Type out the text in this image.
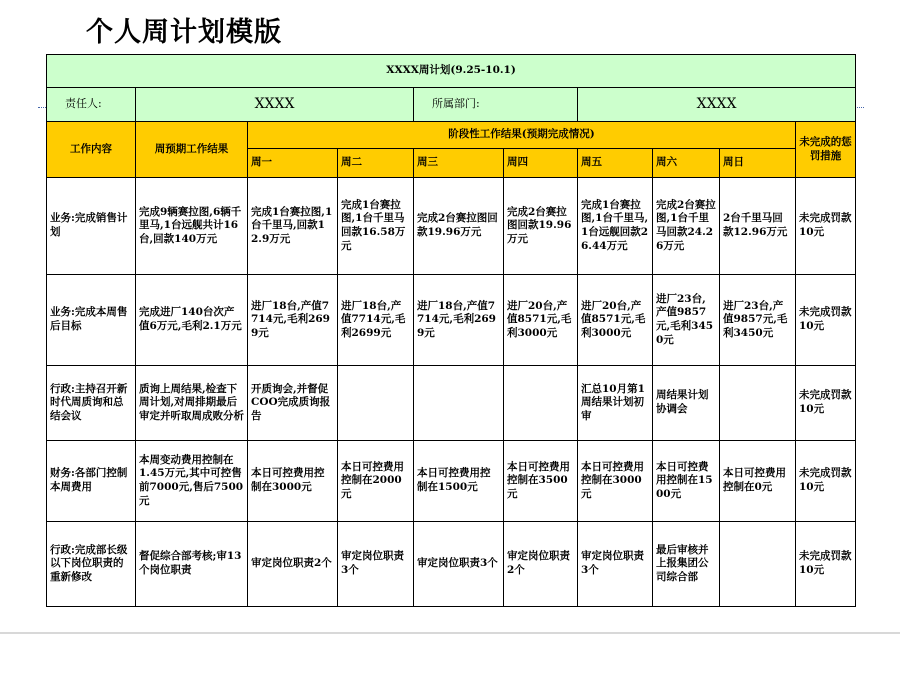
个人周计划模版
XXXX周计划(9.25-10.1)									
责任人:	XXXX			所属部门:		XXXX			
工作内容	周预期工作结果	阶段性工作结果(预期完成情况)							未完成的惩罚措施
		周一	周二	周三	周四	周五	周六	周日	
业务:完成销售计划	完成9辆赛拉图,6辆千里马,1台远舰共计16台,回款140万元	完成1台赛拉图,1台千里马,回款12.9万元	完成1台赛拉图,1台千里马回款16.58万元	完成2台赛拉图回款19.96万元	完成2台赛拉图回款19.96万元	完成1台赛拉图,1台千里马,1台远舰回款26.44万元	完成2台赛拉图,1台千里马回款24.26万元	2台千里马回款12.96万元	未完成罚款10元
业务:完成本周售后目标	完成进厂140台次产值6万元,毛利2.1万元	进厂18台,产值7714元,毛利2699元	进厂18台,产值7714元,毛利2699元	进厂18台,产值7714元,毛利2699元	进厂20台,产值8571元,毛利3000元	进厂20台,产值8571元,毛利3000元	进厂23台,产值9857元,毛利3450元	进厂23台,产值9857元,毛利3450元	未完成罚款10元
行政:主持召开新时代周质询和总结会议	质询上周结果,检查下周计划,对周排期最后审定并听取周成败分析	开质询会,并督促COO完成质询报告				汇总10月第1周结果计划初审	周结果计划协调会		未完成罚款10元
财务:各部门控制本周费用	本周变动费用控制在1.45万元,其中可控售前7000元,售后7500元	本日可控费用控制在3000元	本日可控费用控制在2000元	本日可控费用控制在1500元	本日可控费用控制在3500元	本日可控费用控制在3000元	本日可控费用控制在1500元	本日可控费用控制在0元	未完成罚款10元
行政:完成部长级以下岗位职责的重新修改	督促综合部考核;审13个岗位职责	审定岗位职责2个	审定岗位职责3个	审定岗位职责3个	审定岗位职责2个	审定岗位职责3个	最后审核并上报集团公司综合部		未完成罚款10元
